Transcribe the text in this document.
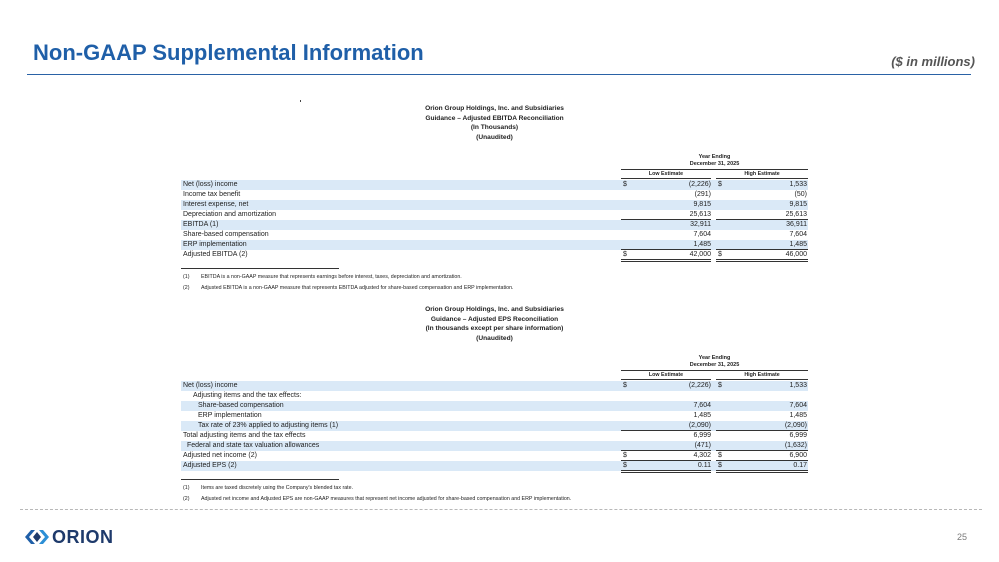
Non-GAAP Supplemental Information	($ in millions)
Orion Group Holdings, Inc. and Subsidiaries
Guidance – Adjusted EBITDA Reconciliation
(In Thousands)
(Unaudited)
Year Ending
December 31, 2025
Low Estimate	High Estimate
Net (loss) income	$	(2,226) $	1,533
Income tax benefit	(291)	(50)
Interest expense, net	9,815	9,815
Depreciation and amortization	25,613	25,613
EBITDA (1)	32,911	36,911
Share-based compensation	7,604	7,604
ERP implementation	1,485	1,485
Adjusted EBITDA (2)	$	42,000 $	46,000
(1) EBITDA is a non-GAAP measure that represents earnings before interest, taxes, depreciation and amortization.
(2) Adjusted EBITDA is a non-GAAP measure that represents EBITDA adjusted for share-based compensation and ERP implementation.
Orion Group Holdings, Inc. and Subsidiaries
Guidance – Adjusted EPS Reconciliation
(In thousands except per share information)
(Unaudited)
Year Ending
December 31, 2025
Low Estimate	High Estimate
Net (loss) income	$	(2,226) $	1,533
Adjusting items and the tax effects:
Share-based compensation	7,604	7,604
ERP implementation	1,485	1,485
Tax rate of 23% applied to adjusting items (1)	(2,090)	(2,090)
Total adjusting items and the tax effects	6,999	6,999
Federal and state tax valuation allowances	(471)	(1,632)
Adjusted net income (2)	$	4,302 $	6,900
Adjusted EPS (2)	$	0.11 $	0.17
(1) Items are taxed discretely using the Company's blended tax rate.
(2) Adjusted net income and Adjusted EPS are non-GAAP measures that represent net income adjusted for share-based compensation and ERP implementation.
ORION	25
